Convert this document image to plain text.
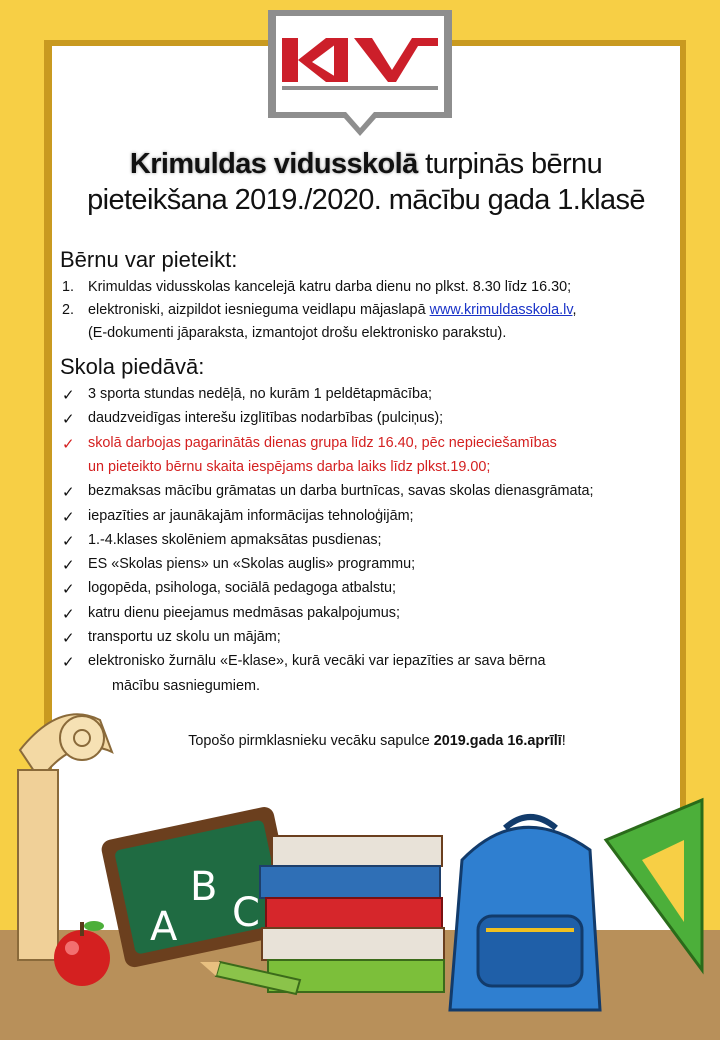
Krimuldas vidusskolā turpinās bērnu
pieteikšana 2019./2020. mācību gada 1.klasē
Bērnu var pieteikt:
1. Krimuldas vidusskolas kancelejā katru darba dienu no plkst. 8.30 līdz 16.30;
2. elektroniski, aizpildot iesnieguma veidlapu mājaslapā www.krimuldasskola.lv,
(E-dokumenti jāparaksta, izmantojot drošu elektronisko parakstu).
Skola piedāvā:
✓ 3 sporta stundas nedēļā, no kurām 1 peldētapmācība;
✓ daudzveidīgas interešu izglītības nodarbības (pulciņus);
✓ skolā darbojas pagarinātās dienas grupa līdz 16.40, pēc nepieciešamības
un pieteikto bērnu skaita iespējams darba laiks līdz plkst.19.00;
✓ bezmaksas mācību grāmatas un darba burtnīcas, savas skolas dienasgrāmata;
✓ iepazīties ar jaunākajām informācijas tehnoloģijām;
✓ 1.-4.klases skolēniem apmaksātas pusdienas;
✓ ES «Skolas piens» un «Skolas auglis» programmu;
✓ logopēda, psihologa, sociālā pedagoga atbalstu;
✓ katru dienu pieejamus medmāsas pakalpojumus;
✓ transportu uz skolu un mājām;
✓ elektronisko žurnālu «E-klase», kurā vecāki var iepazīties ar sava bērna
mācību sasniegumiem.
Topošo pirmklasnieku vecāku sapulce 2019.gada 16.aprīlī!
A
B
C
